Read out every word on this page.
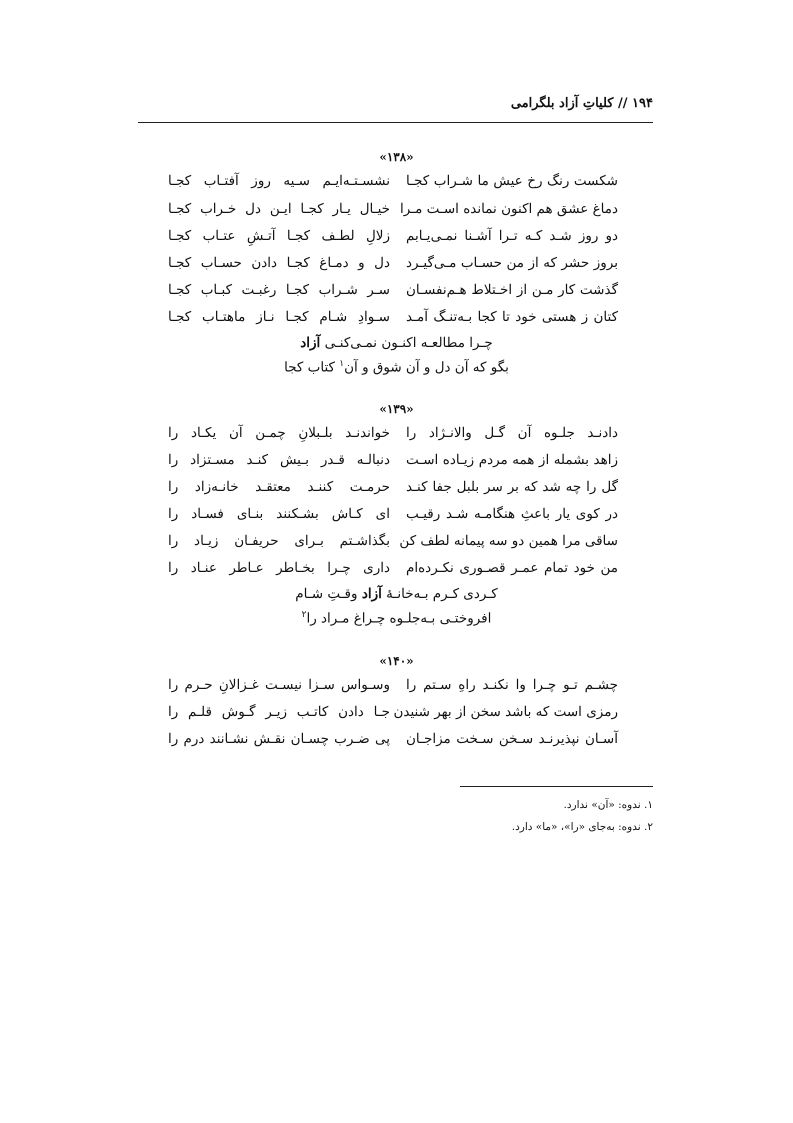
۱۹۴ // کلیاتِ آزاد بلگرامی
«۱۳۸»
شکست رنگ رخ عیش ما شـراب کجـا
نشسـتـه‌ایـم سـیه روز آفتـاب کجـا
دماغ عشق هم اکنون نمانده اسـت مـرا
خیـال یـار کجـا ایـن دل خـراب کجـا
دو روز شـد کـه تـرا آشـنا نمـی‌یـابم
زلالِ لطـف کجـا آتـشِ عتـاب کجـا
بروز حشر که از من حسـاب مـی‌گیـرد
دل و دمـاغ کجـا دادن حسـاب کجـا
گذشت کار مـن از اخـتلاط هـم‌نفسـان
سـر شـراب کجـا رغبـت کبـاب کجـا
کتان ز هستی خود تا کجا بـه‌تنـگ آمـد
سـوادِ شـام کجـا نـاز ماهتـاب کجـا
چـرا مطالعـه اکنـون نمـی‌کنـی آزاد
بگو که آن دل و آن شوق و آن$^۱$ کتاب کجا
«۱۳۹»
دادنـد جلـوه آن گـل والانـژاد را
خواندنـد بلـبلانِ چمـن آن یکـاد را
زاهد بشمله از همه مردم زیـاده اسـت
دنبالـه قـدر بـیش کنـد مسـتزاد را
گل را چه شد که بر سر بلبل جفا کنـد
حرمـت کننـد معتقـد خانـه‌زاد را
در کوی یار باعثِ هنگامـه شـد رقیـب
ای کـاش بشـکنند بنـای فسـاد را
ساقی مرا همین دو سه پیمانه لطف کن
بگذاشـتم بـرای حریفـان زیـاد را
من خود تمام عمـر قصـوری نکـرده‌ام
داری چـرا بخـاطر عـاطر عنـاد را
کـردی کـرم بـه‌خانـهٔ آزاد وقـتِ شـام
افروختـی بـه‌جلـوه چـراغ مـراد را$^۲$
«۱۴۰»
چشـم تـو چـرا وا نکنـد راهِ سـتم را
وسـواس سـزا نیسـت غـزالانِ حـرم را
رمزی است که باشد سخن از بهر شنیدن
جـا دادن کاتـب زیـر گـوش قلـم را
آسـان نپذیرنـد سـخن سـخت مزاجـان
پی ضـرب چسـان نقـش نشـانند درم را
۱. ندوه: «آن» ندارد.
۲. ندوه: به‌جای «را»، «ما» دارد.
